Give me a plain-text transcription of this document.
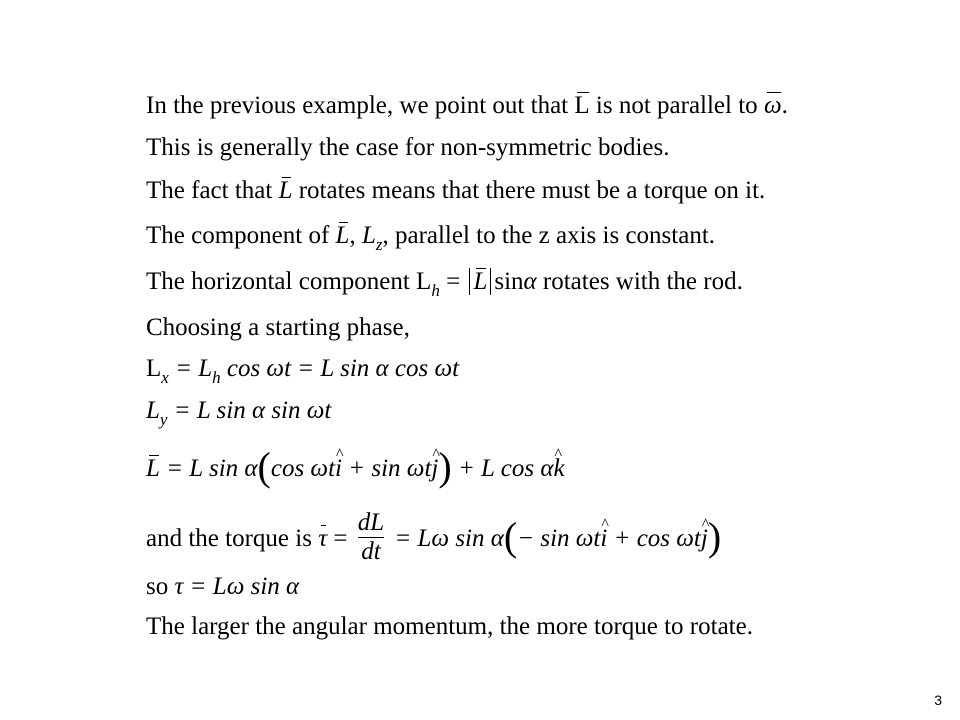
In the previous example, we point out that L is not parallel to ω.
This is generally the case for non-symmetric bodies.
The fact that L rotates means that there must be a torque on it.
The component of L, $L_z$, parallel to the z axis is constant.
The horizontal component $L_h = L$ sinα rotates with the rod.
Choosing a starting phase,
$L_x = L_h$ cos ωt = L sin α cos ωt
$L_y = L$ sin α sin ωt
L = L sin α(cos ωti ^ + sin ωtj ^) + L cos αk ^
and the torque is $\tau = \frac{dL}{dt} = L\omega$ sin α(− sin ωti ^ + cos ωtj ^)
so τ = Lω sin α
The larger the angular momentum, the more torque to rotate.
3
